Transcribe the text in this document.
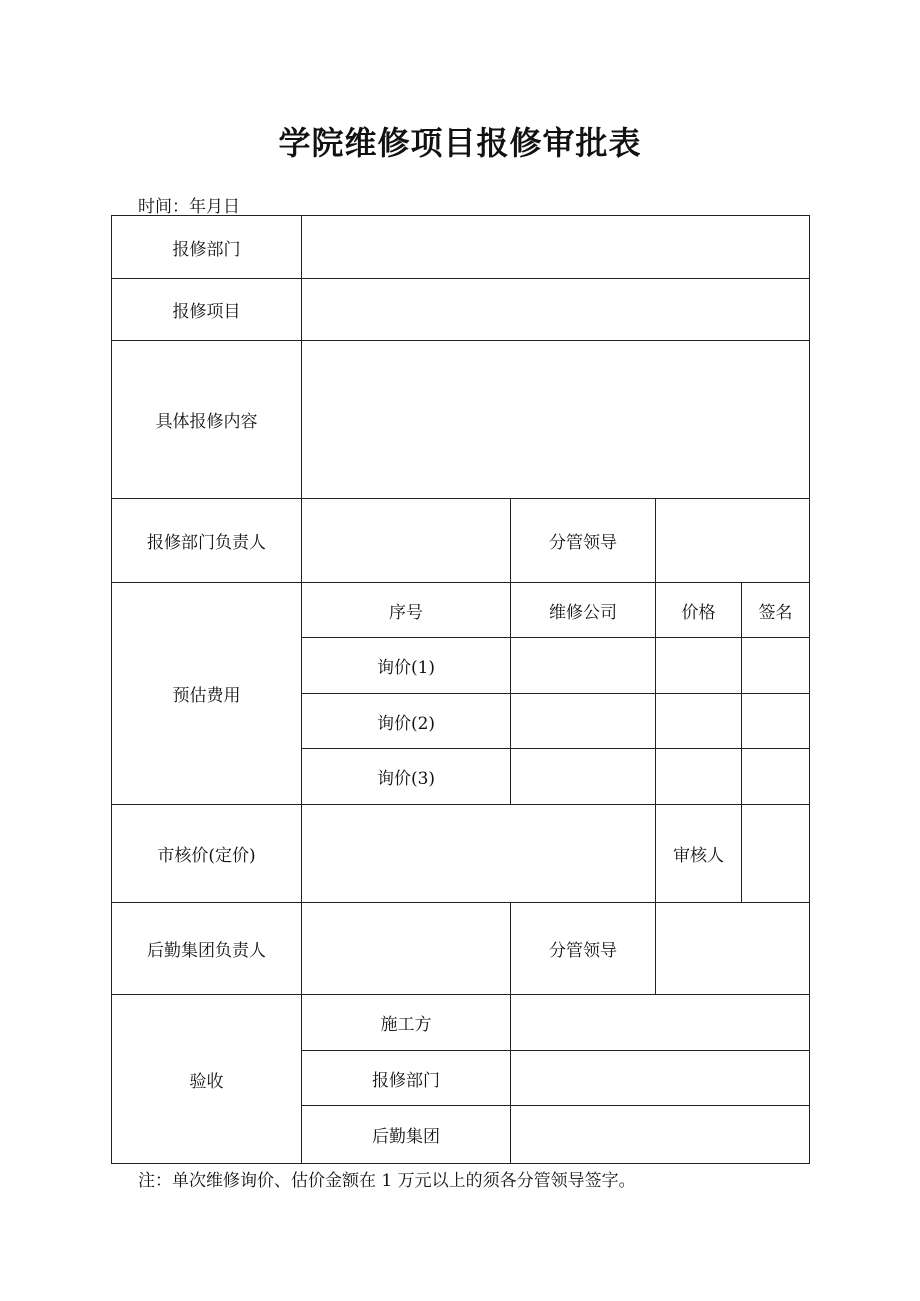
学院维修项目报修审批表
时间：年月日
报修部门				
报修项目				
具体报修内容				
报修部门负责人		分管领导		
预估费用	序号	维修公司	价格	签名
	询价(1)			
	询价(2)			
	询价(3)			
市核价(定价)			审核人	
后勤集团负责人		分管领导		
验收	施工方			
	报修部门			
	后勤集团			
注：单次维修询价、估价金额在 1 万元以上的须各分管领导签字。
